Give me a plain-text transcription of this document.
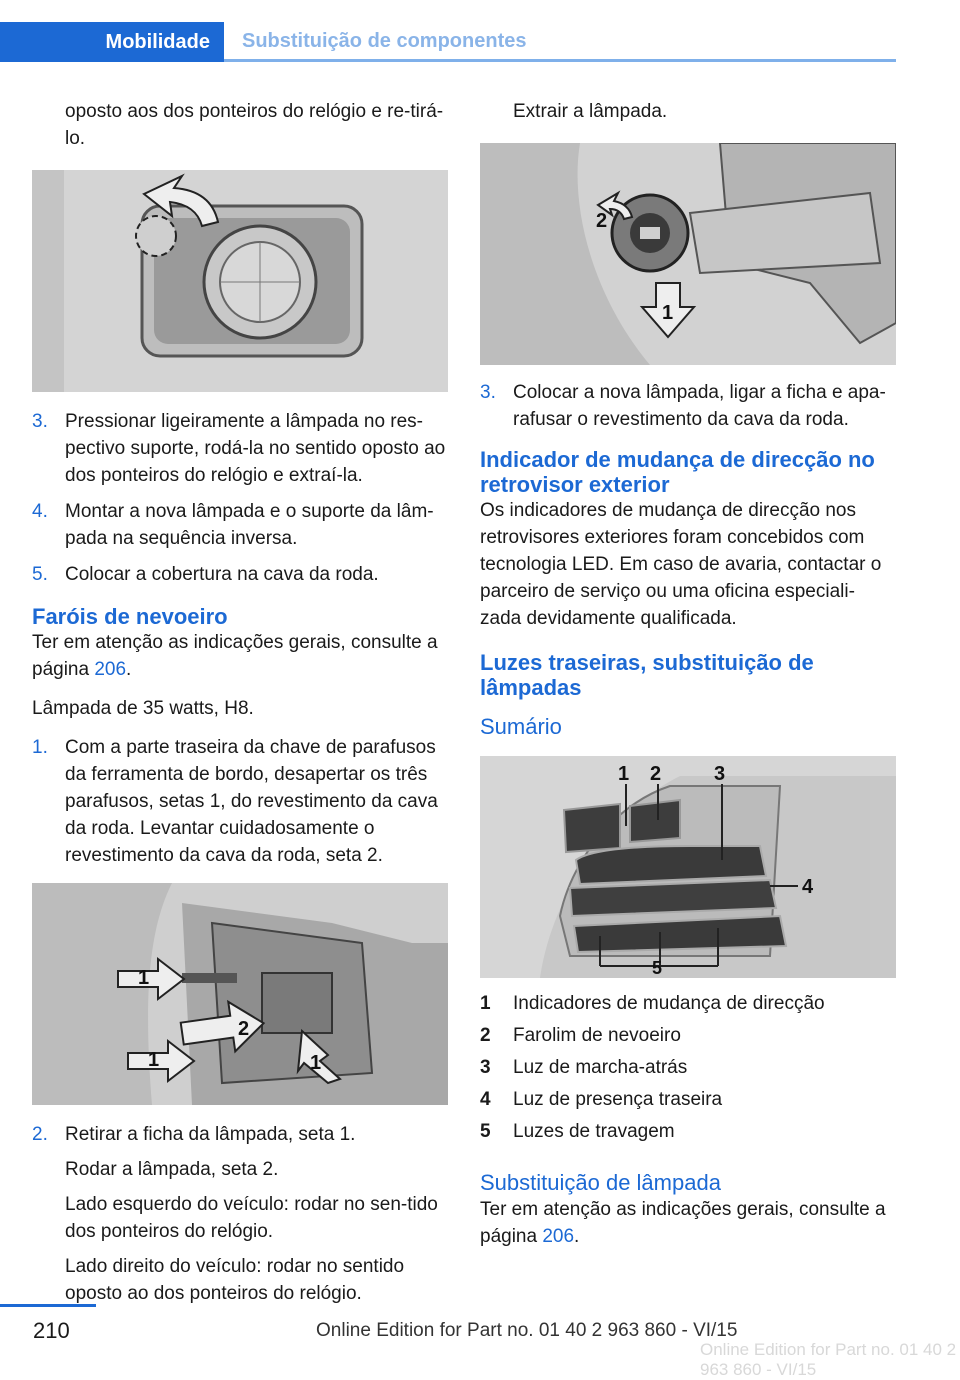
Mobilidade	Substituição de componentes

oposto aos dos ponteiros do relógio e re‐tirá-lo.

3. Pressionar ligeiramente a lâmpada no res‐pectivo suporte, rodá-la no sentido oposto ao dos ponteiros do relógio e extraí-la.
4. Montar a nova lâmpada e o suporte da lâm‐pada na sequência inversa.
5. Colocar a cobertura na cava da roda.
Faróis de nevoeiro

Ter em atenção as indicações gerais, consulte a página 206.

Lâmpada de 35 watts, H8.

1. Com a parte traseira da chave de parafusos da ferramenta de bordo, desapertar os três parafusos, setas 1, do revestimento da cava da roda. Levantar cuidadosamente o revestimento da cava da roda, seta 2.
1
2
1	1
2. Retirar a ficha da lâmpada, seta 1.

Rodar a lâmpada, seta 2.

Lado esquerdo do veículo: rodar no sen‐tido dos ponteiros do relógio.

Lado direito do veículo: rodar no sentido oposto ao dos ponteiros do relógio.

Extrair a lâmpada.

2
1
3. Colocar a nova lâmpada, ligar a ficha e apa‐rafusar o revestimento da cava da roda.
Indicador de mudança de direcção no retrovisor exterior

Os indicadores de mudança de direcção nos retrovisores exteriores foram concebidos com tecnologia LED. Em caso de avaria, contactar o parceiro de serviço ou uma oficina especiali‐zada devidamente qualificada.

Luzes traseiras, substituição de lâmpadas
Sumário
1 2	3
4
5
1	Indicadores de mudança de direcção
2	Farolim de nevoeiro
3	Luz de marcha-atrás
4	Luz de presença traseira
5	Luzes de travagem
Substituição de lâmpada

Ter em atenção as indicações gerais, consulte a página 206.

210	Online Edition for Part no. 01 40 2 963 860 - VI/15
Online Edition for Part no. 01 40 2 963 860 - VI/15
